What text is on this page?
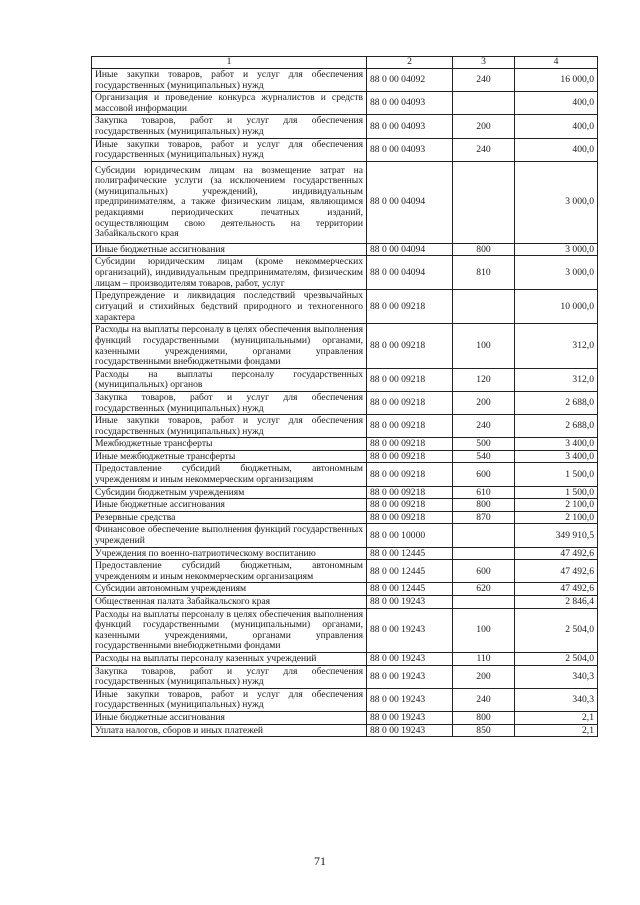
1	2	3	4
Иные закупки товаров, работ и услуг для обеспечения государственных (муниципальных) нужд	88 0 00 04092	240	16 000,0
Организация и проведение конкурса журналистов и средств массовой информации	88 0 00 04093		400,0
Закупка товаров, работ и услуг для обеспечения государственных (муниципальных) нужд	88 0 00 04093	200	400,0
Иные закупки товаров, работ и услуг для обеспечения государственных (муниципальных) нужд	88 0 00 04093	240	400,0
Субсидии юридическим лицам на возмещение затрат на полиграфические услуги (за исключением государственных (муниципальных) учреждений), индивидуальным предпринимателям, а также физическим лицам, являющимся редакциями периодических печатных изданий, осуществляющим свою деятельность на территории Забайкальского края	88 0 00 04094		3 000,0
Иные бюджетные ассигнования	88 0 00 04094	800	3 000,0
Субсидии юридическим лицам (кроме некоммерческих организаций), индивидуальным предпринимателям, физическим лицам – производителям товаров, работ, услуг	88 0 00 04094	810	3 000,0
Предупреждение и ликвидация последствий чрезвычайных ситуаций и стихийных бедствий природного и техногенного характера	88 0 00 09218		10 000,0
Расходы на выплаты персоналу в целях обеспечения выполнения функций государственными (муниципальными) органами, казенными учреждениями, органами управления государственными внебюджетными фондами	88 0 00 09218	100	312,0
Расходы на выплаты персоналу государственных (муниципальных) органов	88 0 00 09218	120	312,0
Закупка товаров, работ и услуг для обеспечения государственных (муниципальных) нужд	88 0 00 09218	200	2 688,0
Иные закупки товаров, работ и услуг для обеспечения государственных (муниципальных) нужд	88 0 00 09218	240	2 688,0
Межбюджетные трансферты	88 0 00 09218	500	3 400,0
Иные межбюджетные трансферты	88 0 00 09218	540	3 400,0
Предоставление субсидий бюджетным, автономным учреждениям и иным некоммерческим организациям	88 0 00 09218	600	1 500,0
Субсидии бюджетным учреждениям	88 0 00 09218	610	1 500,0
Иные бюджетные ассигнования	88 0 00 09218	800	2 100,0
Резервные средства	88 0 00 09218	870	2 100,0
Финансовое обеспечение выполнения функций государственных учреждений	88 0 00 10000		349 910,5
Учреждения по военно-патриотическому воспитанию	88 0 00 12445		47 492,6
Предоставление субсидий бюджетным, автономным учреждениям и иным некоммерческим организациям	88 0 00 12445	600	47 492,6
Субсидии автономным учреждениям	88 0 00 12445	620	47 492,6
Общественная палата Забайкальского края	88 0 00 19243		2 846,4
Расходы на выплаты персоналу в целях обеспечения выполнения функций государственными (муниципальными) органами, казенными учреждениями, органами управления государственными внебюджетными фондами	88 0 00 19243	100	2 504,0
Расходы на выплаты персоналу казенных учреждений	88 0 00 19243	110	2 504,0
Закупка товаров, работ и услуг для обеспечения государственных (муниципальных) нужд	88 0 00 19243	200	340,3
Иные закупки товаров, работ и услуг для обеспечения государственных (муниципальных) нужд	88 0 00 19243	240	340,3
Иные бюджетные ассигнования	88 0 00 19243	800	2,1
Уплата налогов, сборов и иных платежей	88 0 00 19243	850	2,1
71
